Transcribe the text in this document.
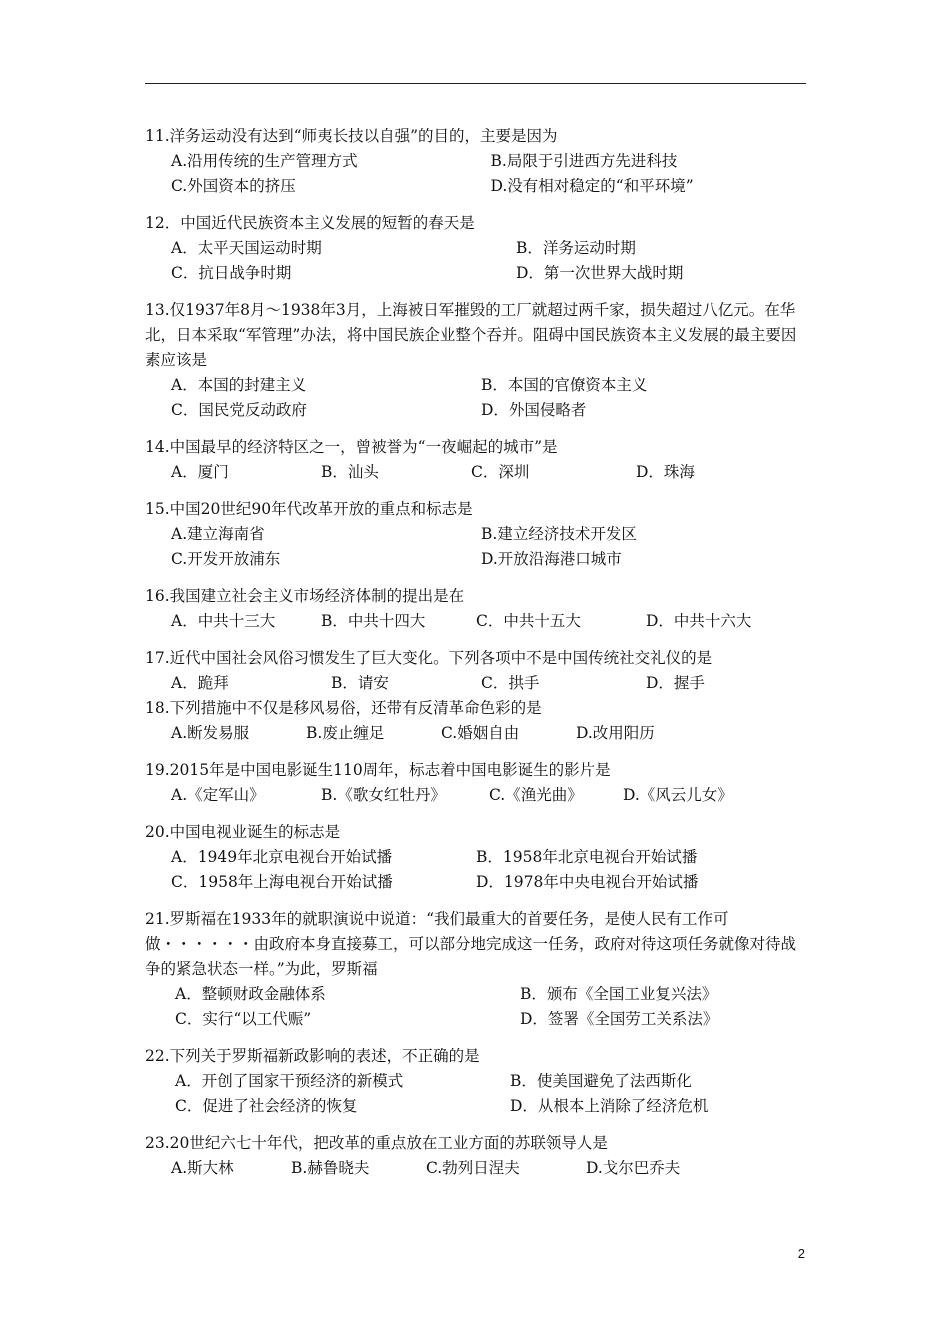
11.洋务运动没有达到“师夷长技以自强”的目的，主要是因为
A.沿用传统的生产管理方式	B.局限于引进西方先进科技
C.外国资本的挤压	D.没有相对稳定的“和平环境”
12．中国近代民族资本主义发展的短暂的春天是
A．太平天国运动时期	B．洋务运动时期
C．抗日战争时期	D．第一次世界大战时期
13.仅1937年8月～1938年3月，上海被日军摧毁的工厂就超过两千家，损失超过八亿元。在华北，日本采取“军管理”办法，将中国民族企业整个吞并。阻碍中国民族资本主义发展的最主要因素应该是
A．本国的封建主义	B．本国的官僚资本主义
C．国民党反动政府	D．外国侵略者
14.中国最早的经济特区之一，曾被誉为“一夜崛起的城市”是
A．厦门	B．汕头	C．深圳	D．珠海
15.中国20世纪90年代改革开放的重点和标志是
A.建立海南省	B.建立经济技术开发区
C.开发开放浦东	D.开放沿海港口城市
16.我国建立社会主义市场经济体制的提出是在
A．中共十三大	B．中共十四大	C．中共十五大	D．中共十六大
17.近代中国社会风俗习惯发生了巨大变化。下列各项中不是中国传统社交礼仪的是
A．跪拜	B．请安	C．拱手	D．握手
18.下列措施中不仅是移风易俗，还带有反清革命色彩的是
A.断发易服	B.废止缠足	C.婚姻自由	D.改用阳历
19.2015年是中国电影诞生110周年，标志着中国电影诞生的影片是
A.《定军山》	B.《歌女红牡丹》	C.《渔光曲》	D.《风云儿女》
20.中国电视业诞生的标志是
A．1949年北京电视台开始试播	B．1958年北京电视台开始试播
C．1958年上海电视台开始试播	D．1978年中央电视台开始试播
21.罗斯福在1933年的就职演说中说道：“我们最重大的首要任务，是使人民有工作可做・・・・・・由政府本身直接募工，可以部分地完成这一任务，政府对待这项任务就像对待战争的紧急状态一样。”为此，罗斯福
A．整顿财政金融体系	B．颁布《全国工业复兴法》
C．实行“以工代赈”	D．签署《全国劳工关系法》
22.下列关于罗斯福新政影响的表述，不正确的是
A．开创了国家干预经济的新模式	B．使美国避免了法西斯化
C．促进了社会经济的恢复	D．从根本上消除了经济危机
23.20世纪六七十年代，把改革的重点放在工业方面的苏联领导人是
A.斯大林	B.赫鲁晓夫	C.勃列日涅夫	D.戈尔巴乔夫
2
